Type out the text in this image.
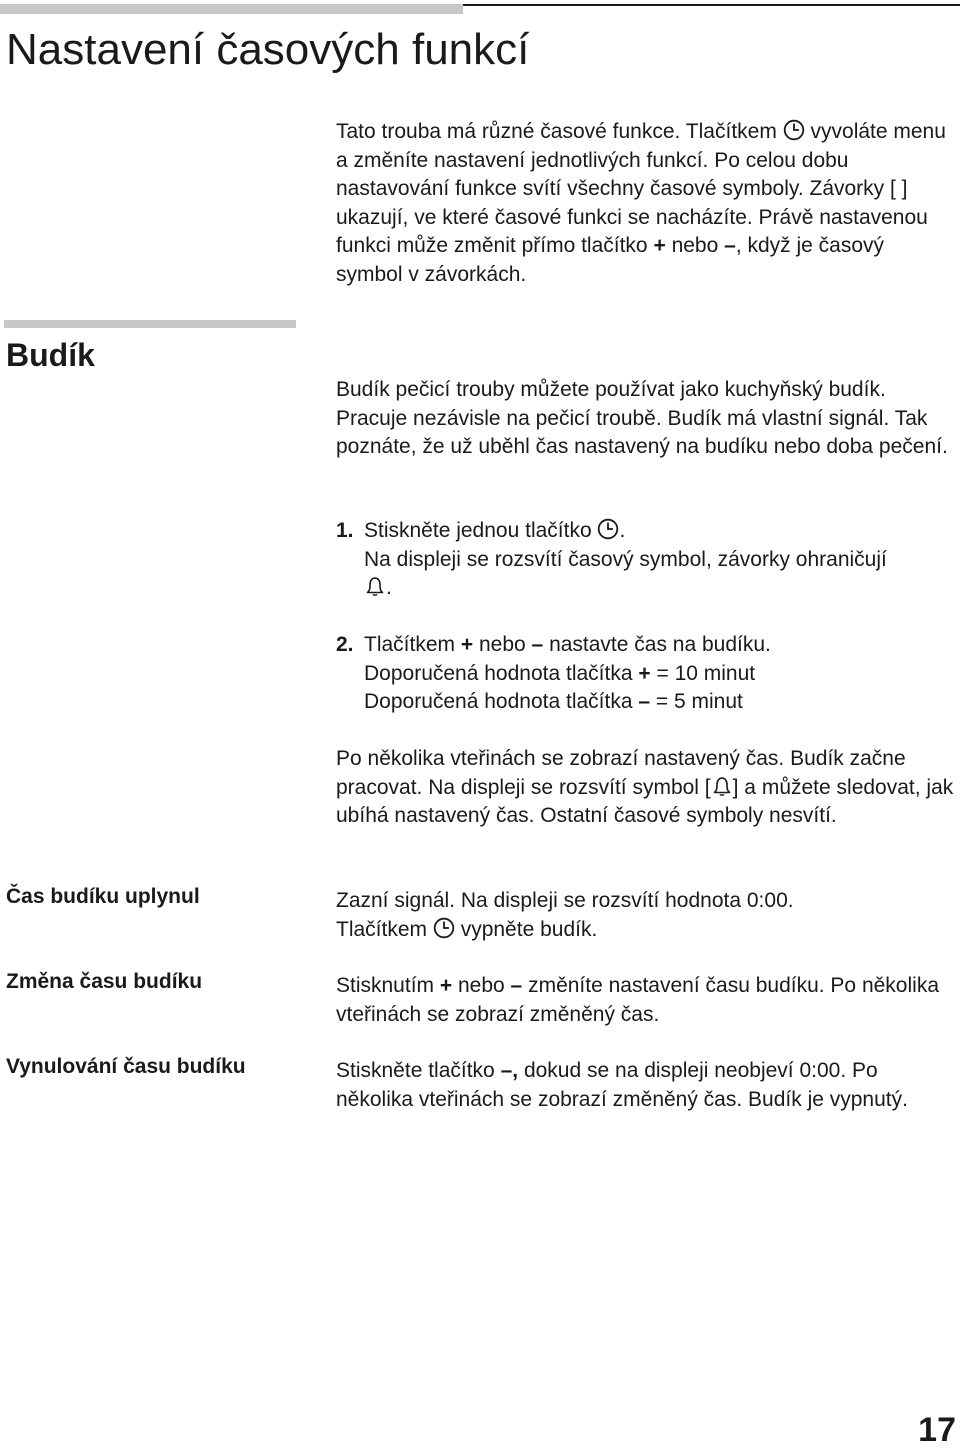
Nastavení časových funkcí

Tato trouba má různé časové funkce. Tlačítkem vyvoláte menu a změníte nastavení jednotlivých funkcí. Po celou dobu nastavování funkce svítí všechny časové symboly. Závorky [ ] ukazují, ve které časové funkci se nacházíte. Právě nastavenou funkci může změnit přímo tlačítko + nebo –, když je časový symbol v závorkách.

Budík

Budík pečicí trouby můžete používat jako kuchyňský budík. Pracuje nezávisle na pečicí troubě. Budík má vlastní signál. Tak poznáte, že už uběhl čas nastavený na budíku nebo doba pečení.

1. Stiskněte jednou tlačítko .

Na displeji se rozsvítí časový symbol, závorky ohraničují

.

2. Tlačítkem + nebo – nastavte čas na budíku.

Doporučená hodnota tlačítka + = 10 minut

Doporučená hodnota tlačítka – = 5 minut

Po několika vteřinách se zobrazí nastavený čas. Budík začne pracovat. Na displeji se rozsvítí symbol [ ] a můžete sledovat, jak ubíhá nastavený čas. Ostatní časové symboly nesvítí.

Čas budíku uplynul	Zazní signál. Na displeji se rozsvítí hodnota 0:00.

Tlačítkem vypněte budík.

Změna času budíku	Stisknutím + nebo – změníte nastavení času budíku. Po několika vteřinách se zobrazí změněný čas.

Vynulování času budíku	Stiskněte tlačítko –, dokud se na displeji neobjeví 0:00. Po několika vteřinách se zobrazí změněný čas. Budík je vypnutý.

17
